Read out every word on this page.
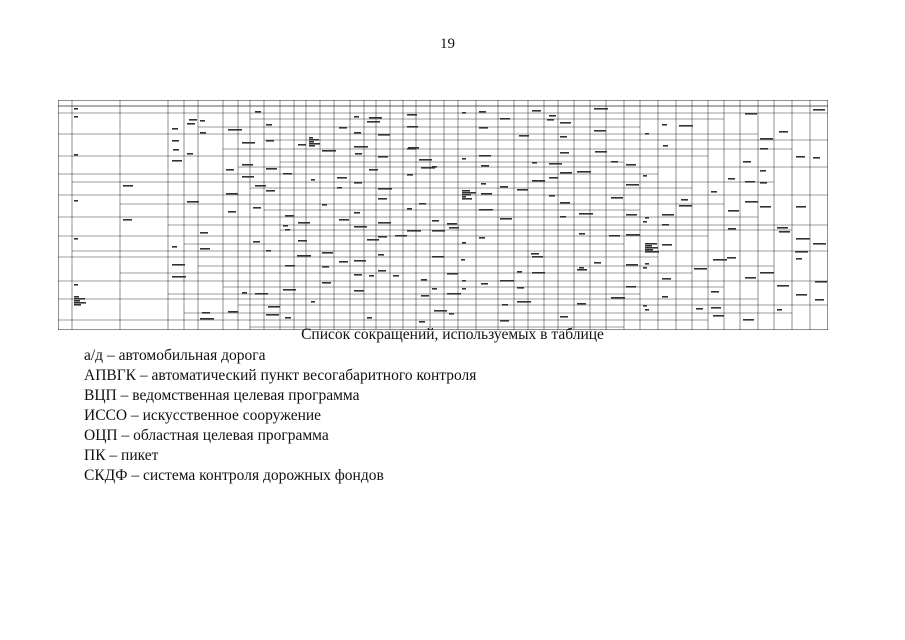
19
Список сокращений, используемых в таблице
а/д – автомобильная дорога
АПВГК – автоматический пункт весогабаритного контроля
ВЦП – ведомственная целевая программа
ИССО – искусственное сооружение
ОЦП – областная целевая программа
ПК – пикет
СКДФ – система контроля дорожных фондов
